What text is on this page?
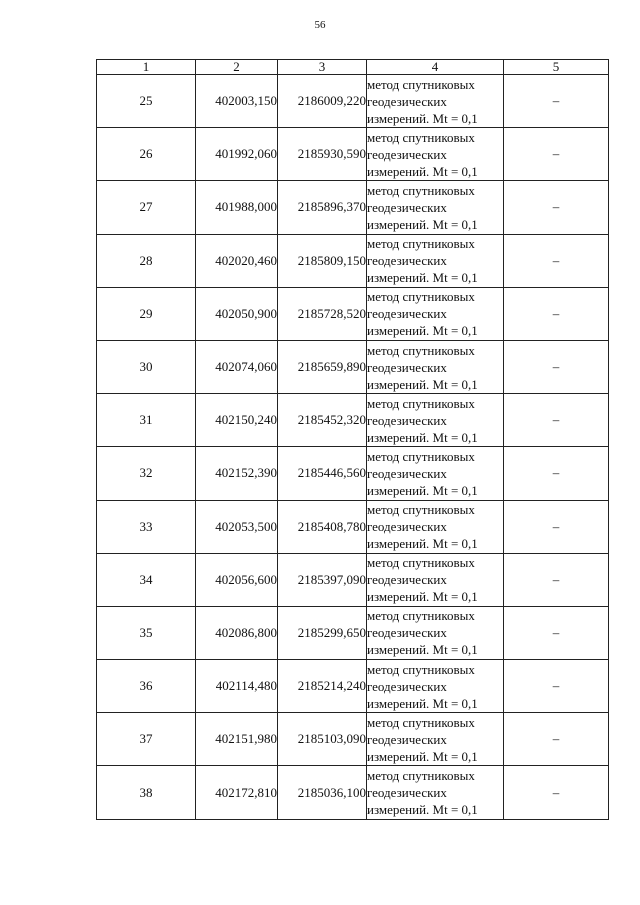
56
1	2	3	4	5
25	402003,150	2186009,220	метод спутниковых
геодезических
измерений. Mt = 0,1	–
26	401992,060	2185930,590	метод спутниковых
геодезических
измерений. Mt = 0,1	–
27	401988,000	2185896,370	метод спутниковых
геодезических
измерений. Mt = 0,1	–
28	402020,460	2185809,150	метод спутниковых
геодезических
измерений. Mt = 0,1	–
29	402050,900	2185728,520	метод спутниковых
геодезических
измерений. Mt = 0,1	–
30	402074,060	2185659,890	метод спутниковых
геодезических
измерений. Mt = 0,1	–
31	402150,240	2185452,320	метод спутниковых
геодезических
измерений. Mt = 0,1	–
32	402152,390	2185446,560	метод спутниковых
геодезических
измерений. Mt = 0,1	–
33	402053,500	2185408,780	метод спутниковых
геодезических
измерений. Mt = 0,1	–
34	402056,600	2185397,090	метод спутниковых
геодезических
измерений. Mt = 0,1	–
35	402086,800	2185299,650	метод спутниковых
геодезических
измерений. Mt = 0,1	–
36	402114,480	2185214,240	метод спутниковых
геодезических
измерений. Mt = 0,1	–
37	402151,980	2185103,090	метод спутниковых
геодезических
измерений. Mt = 0,1	–
38	402172,810	2185036,100	метод спутниковых
геодезических
измерений. Mt = 0,1	–
